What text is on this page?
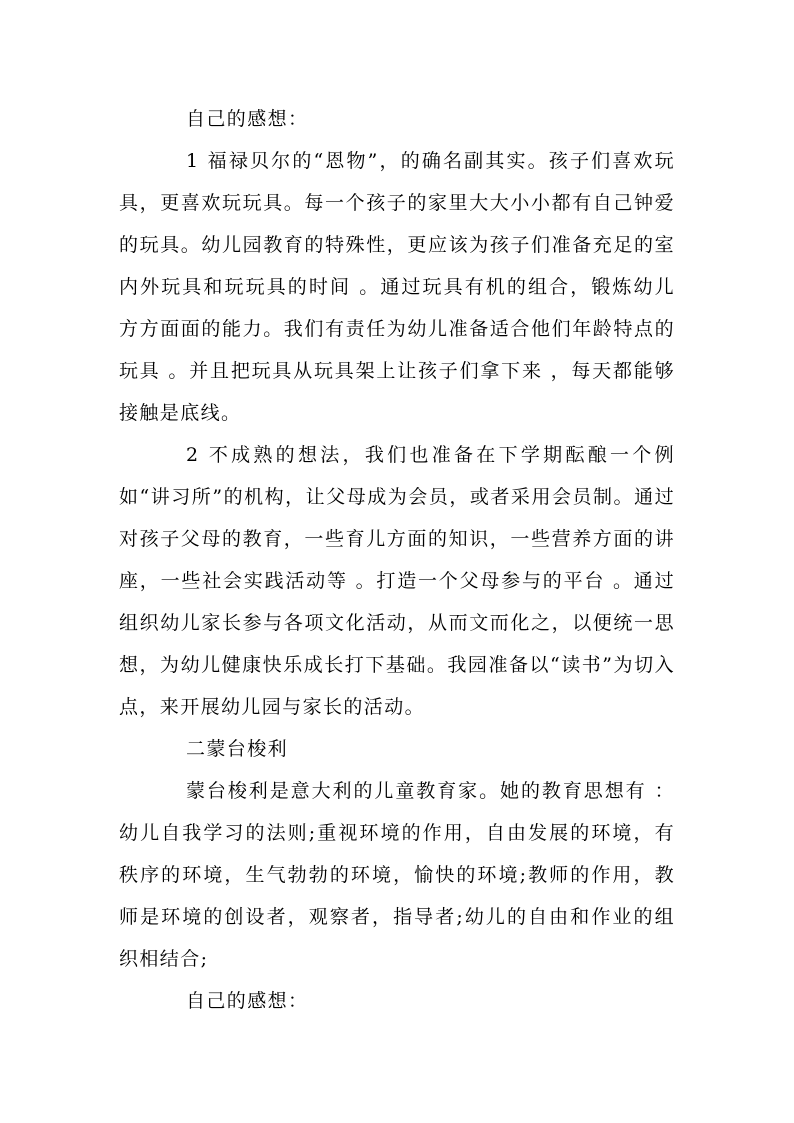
自己的感想：

1 福禄贝尔的“恩物”，的确名副其实。孩子们喜欢玩具，更喜欢玩玩具。每一个孩子的家里大大小小都有自己钟爱的玩具。幼儿园教育的特殊性，更应该为孩子们准备充足的室内外玩具和玩玩具的时间 。通过玩具有机的组合，锻炼幼儿方方面面的能力。我们有责任为幼儿准备适合他们年龄特点的玩具 。并且把玩具从玩具架上让孩子们拿下来 ，每天都能够接触是底线。

2 不成熟的想法，我们也准备在下学期酝酿一个例如“讲习所”的机构，让父母成为会员，或者采用会员制。通过对孩子父母的教育，一些育儿方面的知识，一些营养方面的讲座，一些社会实践活动等 。打造一个父母参与的平台 。通过组织幼儿家长参与各项文化活动，从而文而化之，以便统一思想，为幼儿健康快乐成长打下基础。我园准备以“读书”为切入点，来开展幼儿园与家长的活动。

二蒙台梭利

蒙台梭利是意大利的儿童教育家。她的教育思想有 ：幼儿自我学习的法则;重视环境的作用，自由发展的环境，有秩序的环境，生气勃勃的环境，愉快的环境;教师的作用，教师是环境的创设者，观察者，指导者;幼儿的自由和作业的组织相结合;

自己的感想：
